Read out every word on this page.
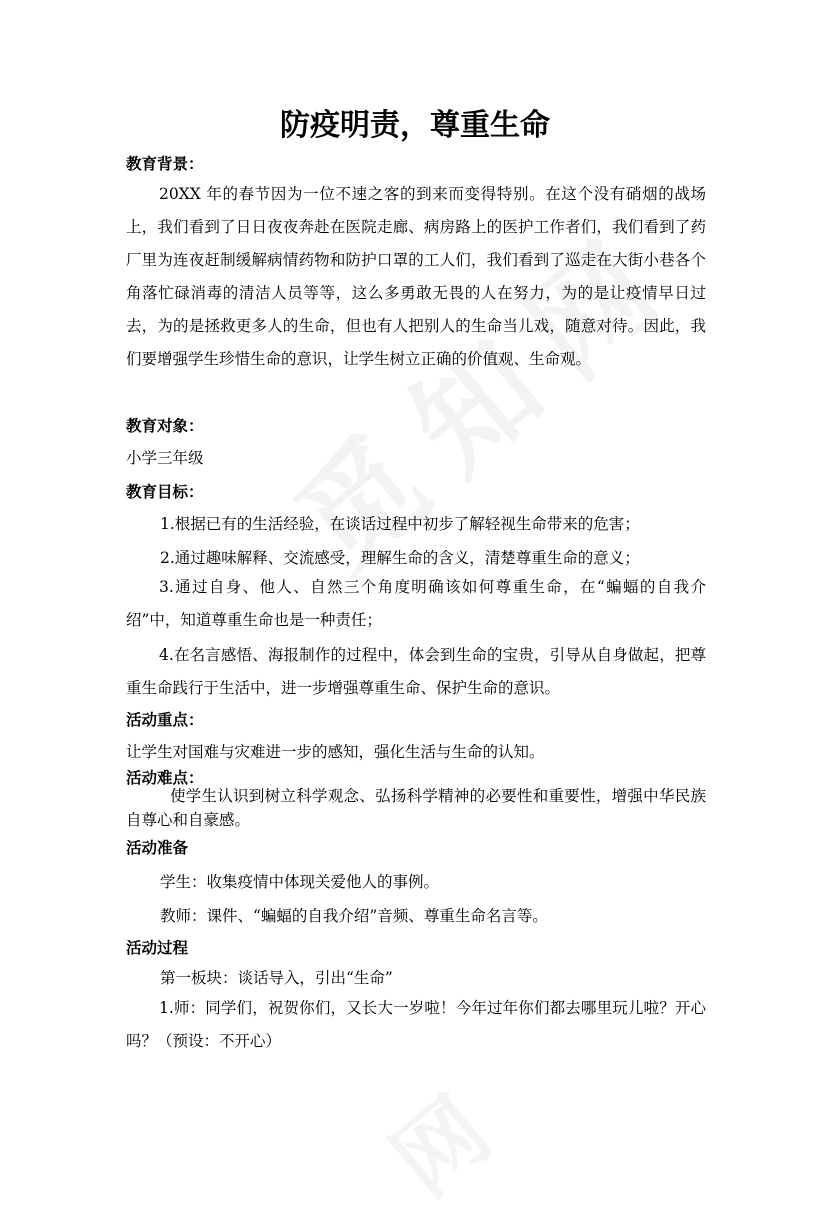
防疫明责，尊重生命
教育背景：
20XX 年的春节因为一位不速之客的到来而变得特别。在这个没有硝烟的战场上，我们看到了日日夜夜奔赴在医院走廊、病房路上的医护工作者们，我们看到了药厂里为连夜赶制缓解病情药物和防护口罩的工人们，我们看到了巡走在大街小巷各个角落忙碌消毒的清洁人员等等，这么多勇敢无畏的人在努力，为的是让疫情早日过去，为的是拯救更多人的生命，但也有人把别人的生命当儿戏，随意对待。因此，我们要增强学生珍惜生命的意识，让学生树立正确的价值观、生命观。
教育对象：
小学三年级
教育目标：
1.根据已有的生活经验，在谈话过程中初步了解轻视生命带来的危害；
2.通过趣味解释、交流感受，理解生命的含义，清楚尊重生命的意义；
3.通过自身、他人、自然三个角度明确该如何尊重生命，在“蝙蝠的自我介绍”中，知道尊重生命也是一种责任；
4.在名言感悟、海报制作的过程中，体会到生命的宝贵，引导从自身做起，把尊重生命践行于生活中，进一步增强尊重生命、保护生命的意识。
活动重点：
让学生对国难与灾难进一步的感知，强化生活与生命的认知。
活动难点：
使学生认识到树立科学观念、弘扬科学精神的必要性和重要性，增强中华民族自尊心和自豪感。
活动准备
学生：收集疫情中体现关爱他人的事例。
教师：课件、“蝙蝠的自我介绍”音频、尊重生命名言等。
活动过程
第一板块：谈话导入，引出“生命”
1.师：同学们，祝贺你们，又长大一岁啦！今年过年你们都去哪里玩儿啦？开心吗？（预设：不开心）
